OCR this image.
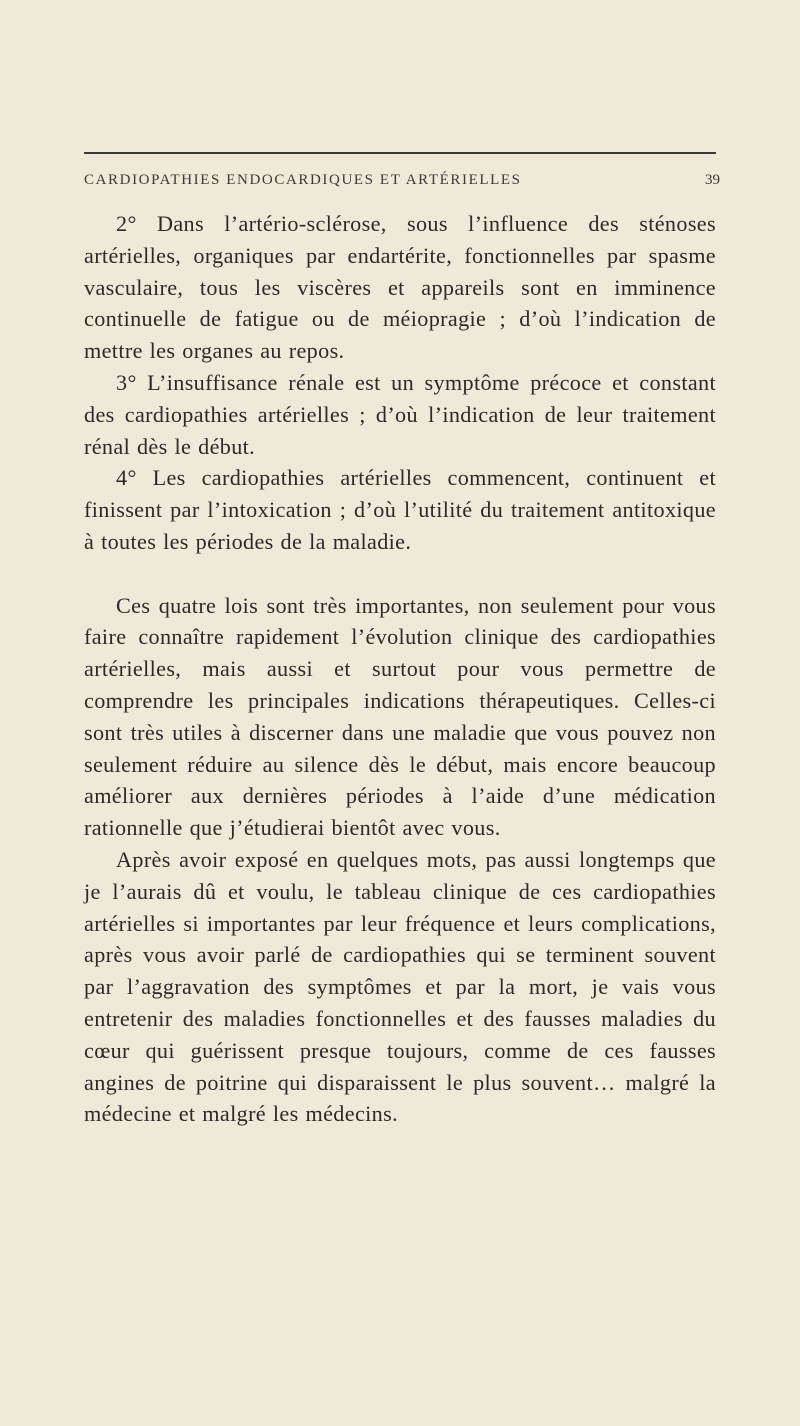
CARDIOPATHIES ENDOCARDIQUES ET ARTÉRIELLES	39

2° Dans l’artério-sclérose, sous l’influence des sténoses artérielles, organiques par endartérite, fonctionnelles par spasme vasculaire, tous les viscères et appareils sont en imminence continuelle de fatigue ou de méiopragie ; d’où l’indication de mettre les organes au repos.

3° L’insuffisance rénale est un symptôme précoce et constant des cardiopathies artérielles ; d’où l’indication de leur traitement rénal dès le début.

4° Les cardiopathies artérielles commencent, continuent et finissent par l’intoxication ; d’où l’utilité du traitement antitoxique à toutes les périodes de la maladie.

Ces quatre lois sont très importantes, non seulement pour vous faire connaître rapidement l’évolution clinique des cardiopathies artérielles, mais aussi et surtout pour vous permettre de comprendre les principales indications thérapeutiques. Celles-ci sont très utiles à discerner dans une maladie que vous pouvez non seulement réduire au silence dès le début, mais encore beaucoup améliorer aux dernières périodes à l’aide d’une médication rationnelle que j’étudierai bientôt avec vous.

Après avoir exposé en quelques mots, pas aussi longtemps que je l’aurais dû et voulu, le tableau clinique de ces cardiopathies artérielles si importantes par leur fréquence et leurs complications, après vous avoir parlé de cardiopathies qui se terminent souvent par l’aggravation des symptômes et par la mort, je vais vous entretenir des maladies fonctionnelles et des fausses maladies du cœur qui guérissent presque toujours, comme de ces fausses angines de poitrine qui disparaissent le plus souvent… malgré la médecine et malgré les médecins.
